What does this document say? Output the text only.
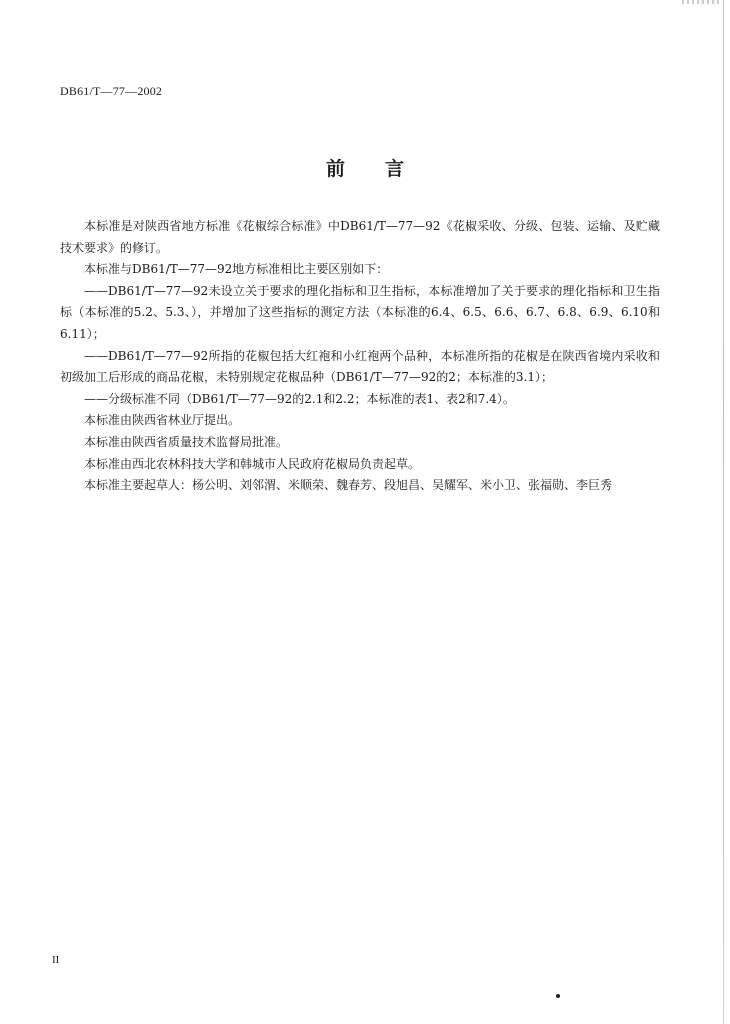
DB61/T—77—2002
前言

本标准是对陕西省地方标准《花椒综合标准》中DB61/T—77—92《花椒采收、分级、包装、运输、及贮藏技术要求》的修订。

本标准与DB61/T—77—92地方标准相比主要区别如下：

——DB61/T—77—92未设立关于要求的理化指标和卫生指标，本标准增加了关于要求的理化指标和卫生指标（本标准的5.2、5.3、），并增加了这些指标的测定方法（本标准的6.4、6.5、6.6、6.7、6.8、6.9、6.10和6.11）；

——DB61/T—77—92所指的花椒包括大红袍和小红袍两个品种，本标准所指的花椒是在陕西省境内采收和初级加工后形成的商品花椒，未特别规定花椒品种（DB61/T—77—92的2；本标准的3.1）；

——分级标准不同（DB61/T—77—92的2.1和2.2；本标准的表1、表2和7.4）。

本标准由陕西省林业厅提出。

本标准由陕西省质量技术监督局批准。

本标准由西北农林科技大学和韩城市人民政府花椒局负责起草。

本标准主要起草人：杨公明、刘邻渭、米顺荣、魏春芳、段旭昌、吴耀军、米小卫、张福勋、李巨秀

II
